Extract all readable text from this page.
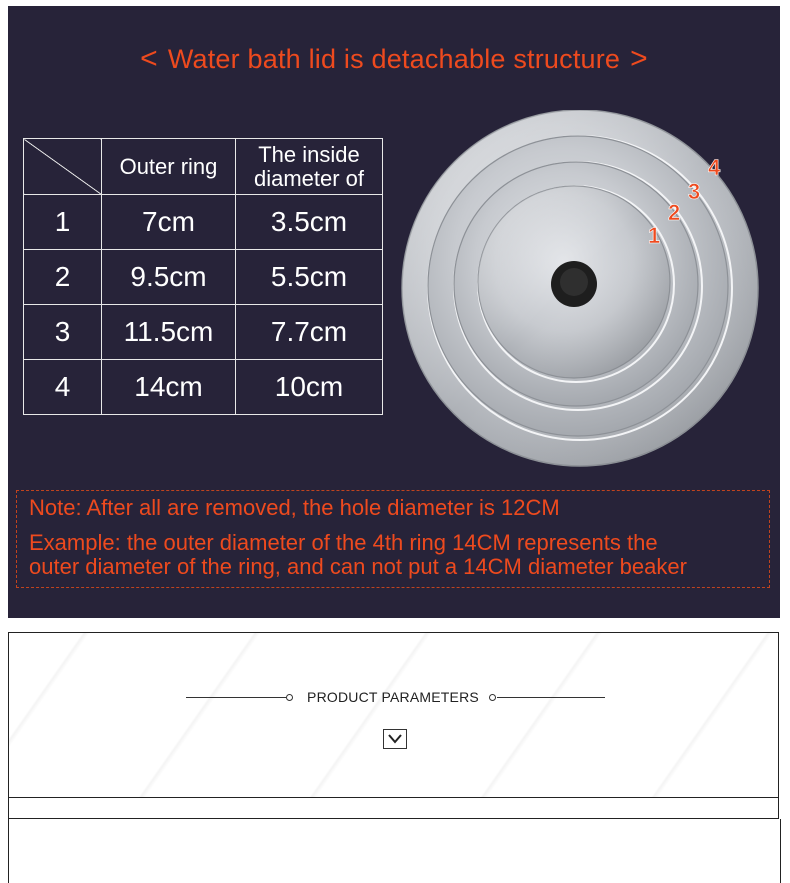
< Water bath lid is detachable structure >
	Outer ring	The inside
diameter of

1	7cm	3.5cm
2	9.5cm	5.5cm
3	11.5cm	7.7cm
4	14cm	10cm
1
2
3
4
Note: After all are removed, the hole diameter is 12CM
Example: the outer diameter of the 4th ring 14CM represents the
outer diameter of the ring, and can not put a 14CM diameter beaker
PRODUCT PARAMETERS
